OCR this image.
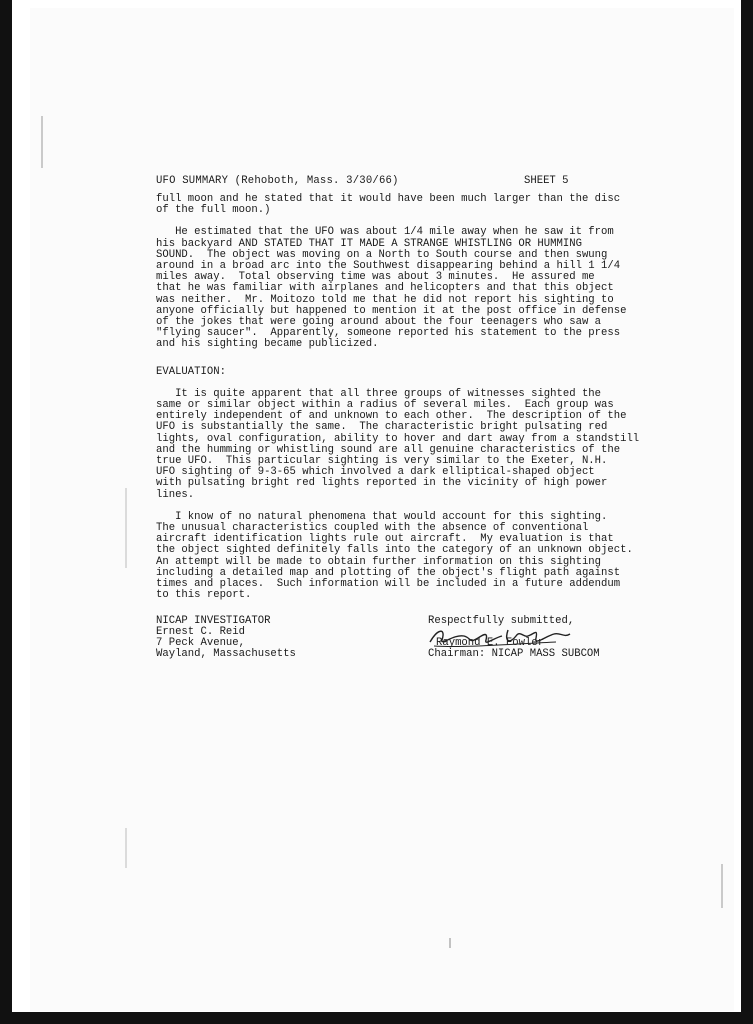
UFO SUMMARY (Rehoboth, Mass. 3/30/66)	SHEET 5

full moon and he stated that it would have been much larger than the disc
of the full moon.)

He estimated that the UFO was about 1/4 mile away when he saw it from
his backyard AND STATED THAT IT MADE A STRANGE WHISTLING OR HUMMING
SOUND.  The object was moving on a North to South course and then swung
around in a broad arc into the Southwest disappearing behind a hill 1 1/4
miles away.  Total observing time was about 3 minutes.  He assured me
that he was familiar with airplanes and helicopters and that this object
was neither.  Mr. Moitozo told me that he did not report his sighting to
anyone officially but happened to mention it at the post office in defense
of the jokes that were going around about the four teenagers who saw a
"flying saucer".  Apparently, someone reported his statement to the press
and his sighting became publicized.

EVALUATION:

It is quite apparent that all three groups of witnesses sighted the
same or similar object within a radius of several miles.  Each group was
entirely independent of and unknown to each other.  The description of the
UFO is substantially the same.  The characteristic bright pulsating red
lights, oval configuration, ability to hover and dart away from a standstill
and the humming or whistling sound are all genuine characteristics of the
true UFO.  This particular sighting is very similar to the Exeter, N.H.
UFO sighting of 9-3-65 which involved a dark elliptical-shaped object
with pulsating bright red lights reported in the vicinity of high power
lines.

I know of no natural phenomena that would account for this sighting.
The unusual characteristics coupled with the absence of conventional
aircraft identification lights rule out aircraft.  My evaluation is that
the object sighted definitely falls into the category of an unknown object.
An attempt will be made to obtain further information on this sighting
including a detailed map and plotting of the object's flight path against
times and places.  Such information will be included in a future addendum
to this report.

NICAP INVESTIGATOR

Ernest C. Reid

7 Peck Avenue,

Wayland, Massachusetts

Respectfully submitted,

Raymond E. Fowler

Chairman: NICAP MASS SUBCOM
